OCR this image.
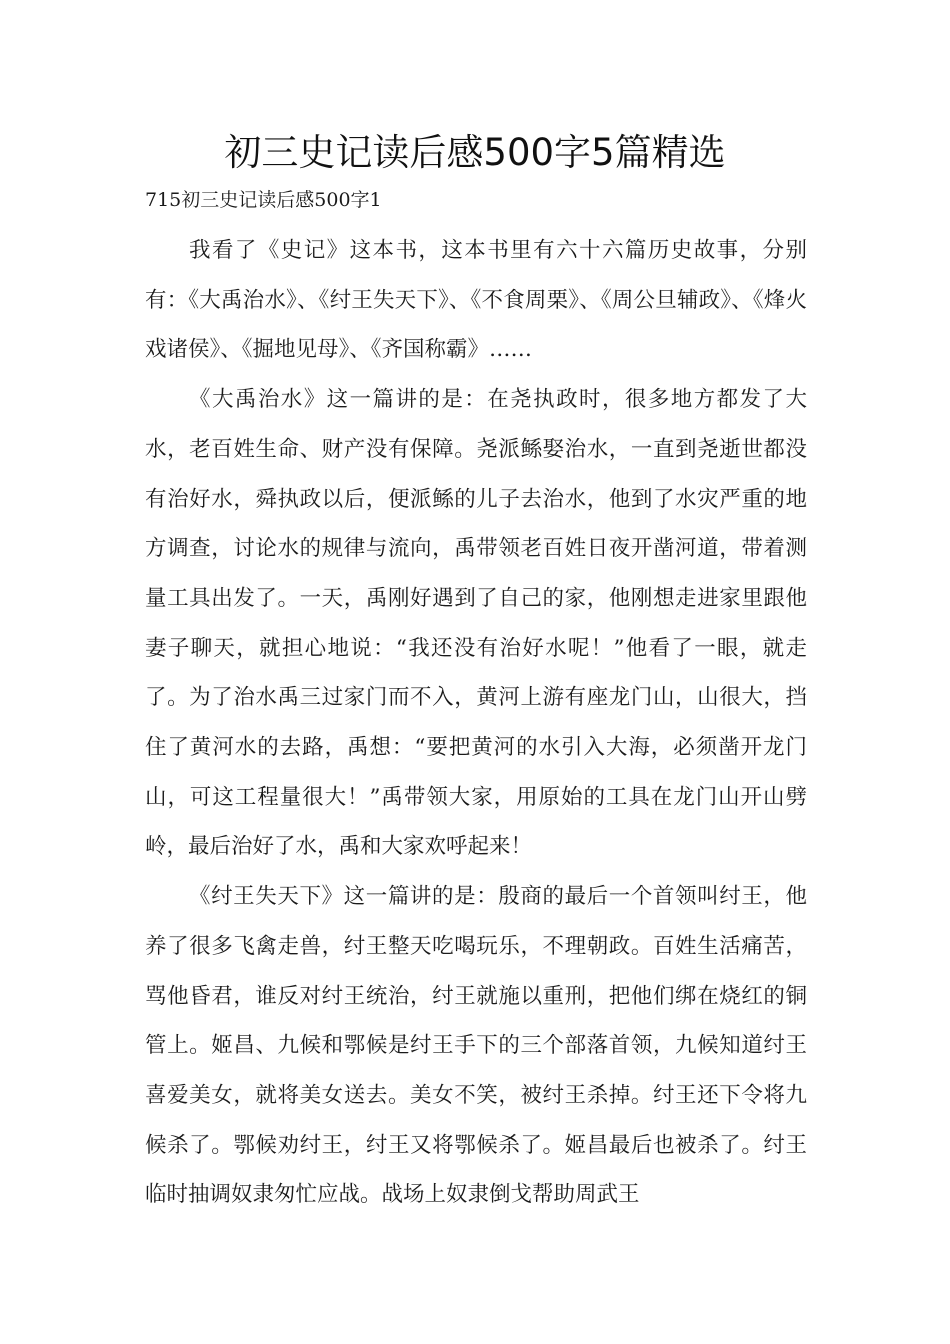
初三史记读后感500字5篇精选

715初三史记读后感500字1

我看了《史记》这本书，这本书里有六十六篇历史故事，分别有：《大禹治水》、《纣王失天下》、《不食周栗》、《周公旦辅政》、《烽火戏诸侯》、《掘地见母》、《齐国称霸》……

《大禹治水》这一篇讲的是：在尧执政时，很多地方都发了大水，老百姓生命、财产没有保障。尧派鲧娶治水，一直到尧逝世都没有治好水，舜执政以后，便派鲧的儿子去治水，他到了水灾严重的地方调查，讨论水的规律与流向，禹带领老百姓日夜开凿河道，带着测量工具出发了。一天，禹刚好遇到了自己的家，他刚想走进家里跟他妻子聊天，就担心地说：“我还没有治好水呢！”他看了一眼，就走了。为了治水禹三过家门而不入，黄河上游有座龙门山，山很大，挡住了黄河水的去路，禹想：“要把黄河的水引入大海，必须凿开龙门山，可这工程量很大！”禹带领大家，用原始的工具在龙门山开山劈岭，最后治好了水，禹和大家欢呼起来！

《纣王失天下》这一篇讲的是：殷商的最后一个首领叫纣王，他养了很多飞禽走兽，纣王整天吃喝玩乐，不理朝政。百姓生活痛苦，骂他昏君，谁反对纣王统治，纣王就施以重刑，把他们绑在烧红的铜管上。姬昌、九候和鄂候是纣王手下的三个部落首领，九候知道纣王喜爱美女，就将美女送去。美女不笑，被纣王杀掉。纣王还下令将九候杀了。鄂候劝纣王，纣王又将鄂候杀了。姬昌最后也被杀了。纣王临时抽调奴隶匆忙应战。战场上奴隶倒戈帮助周武王
